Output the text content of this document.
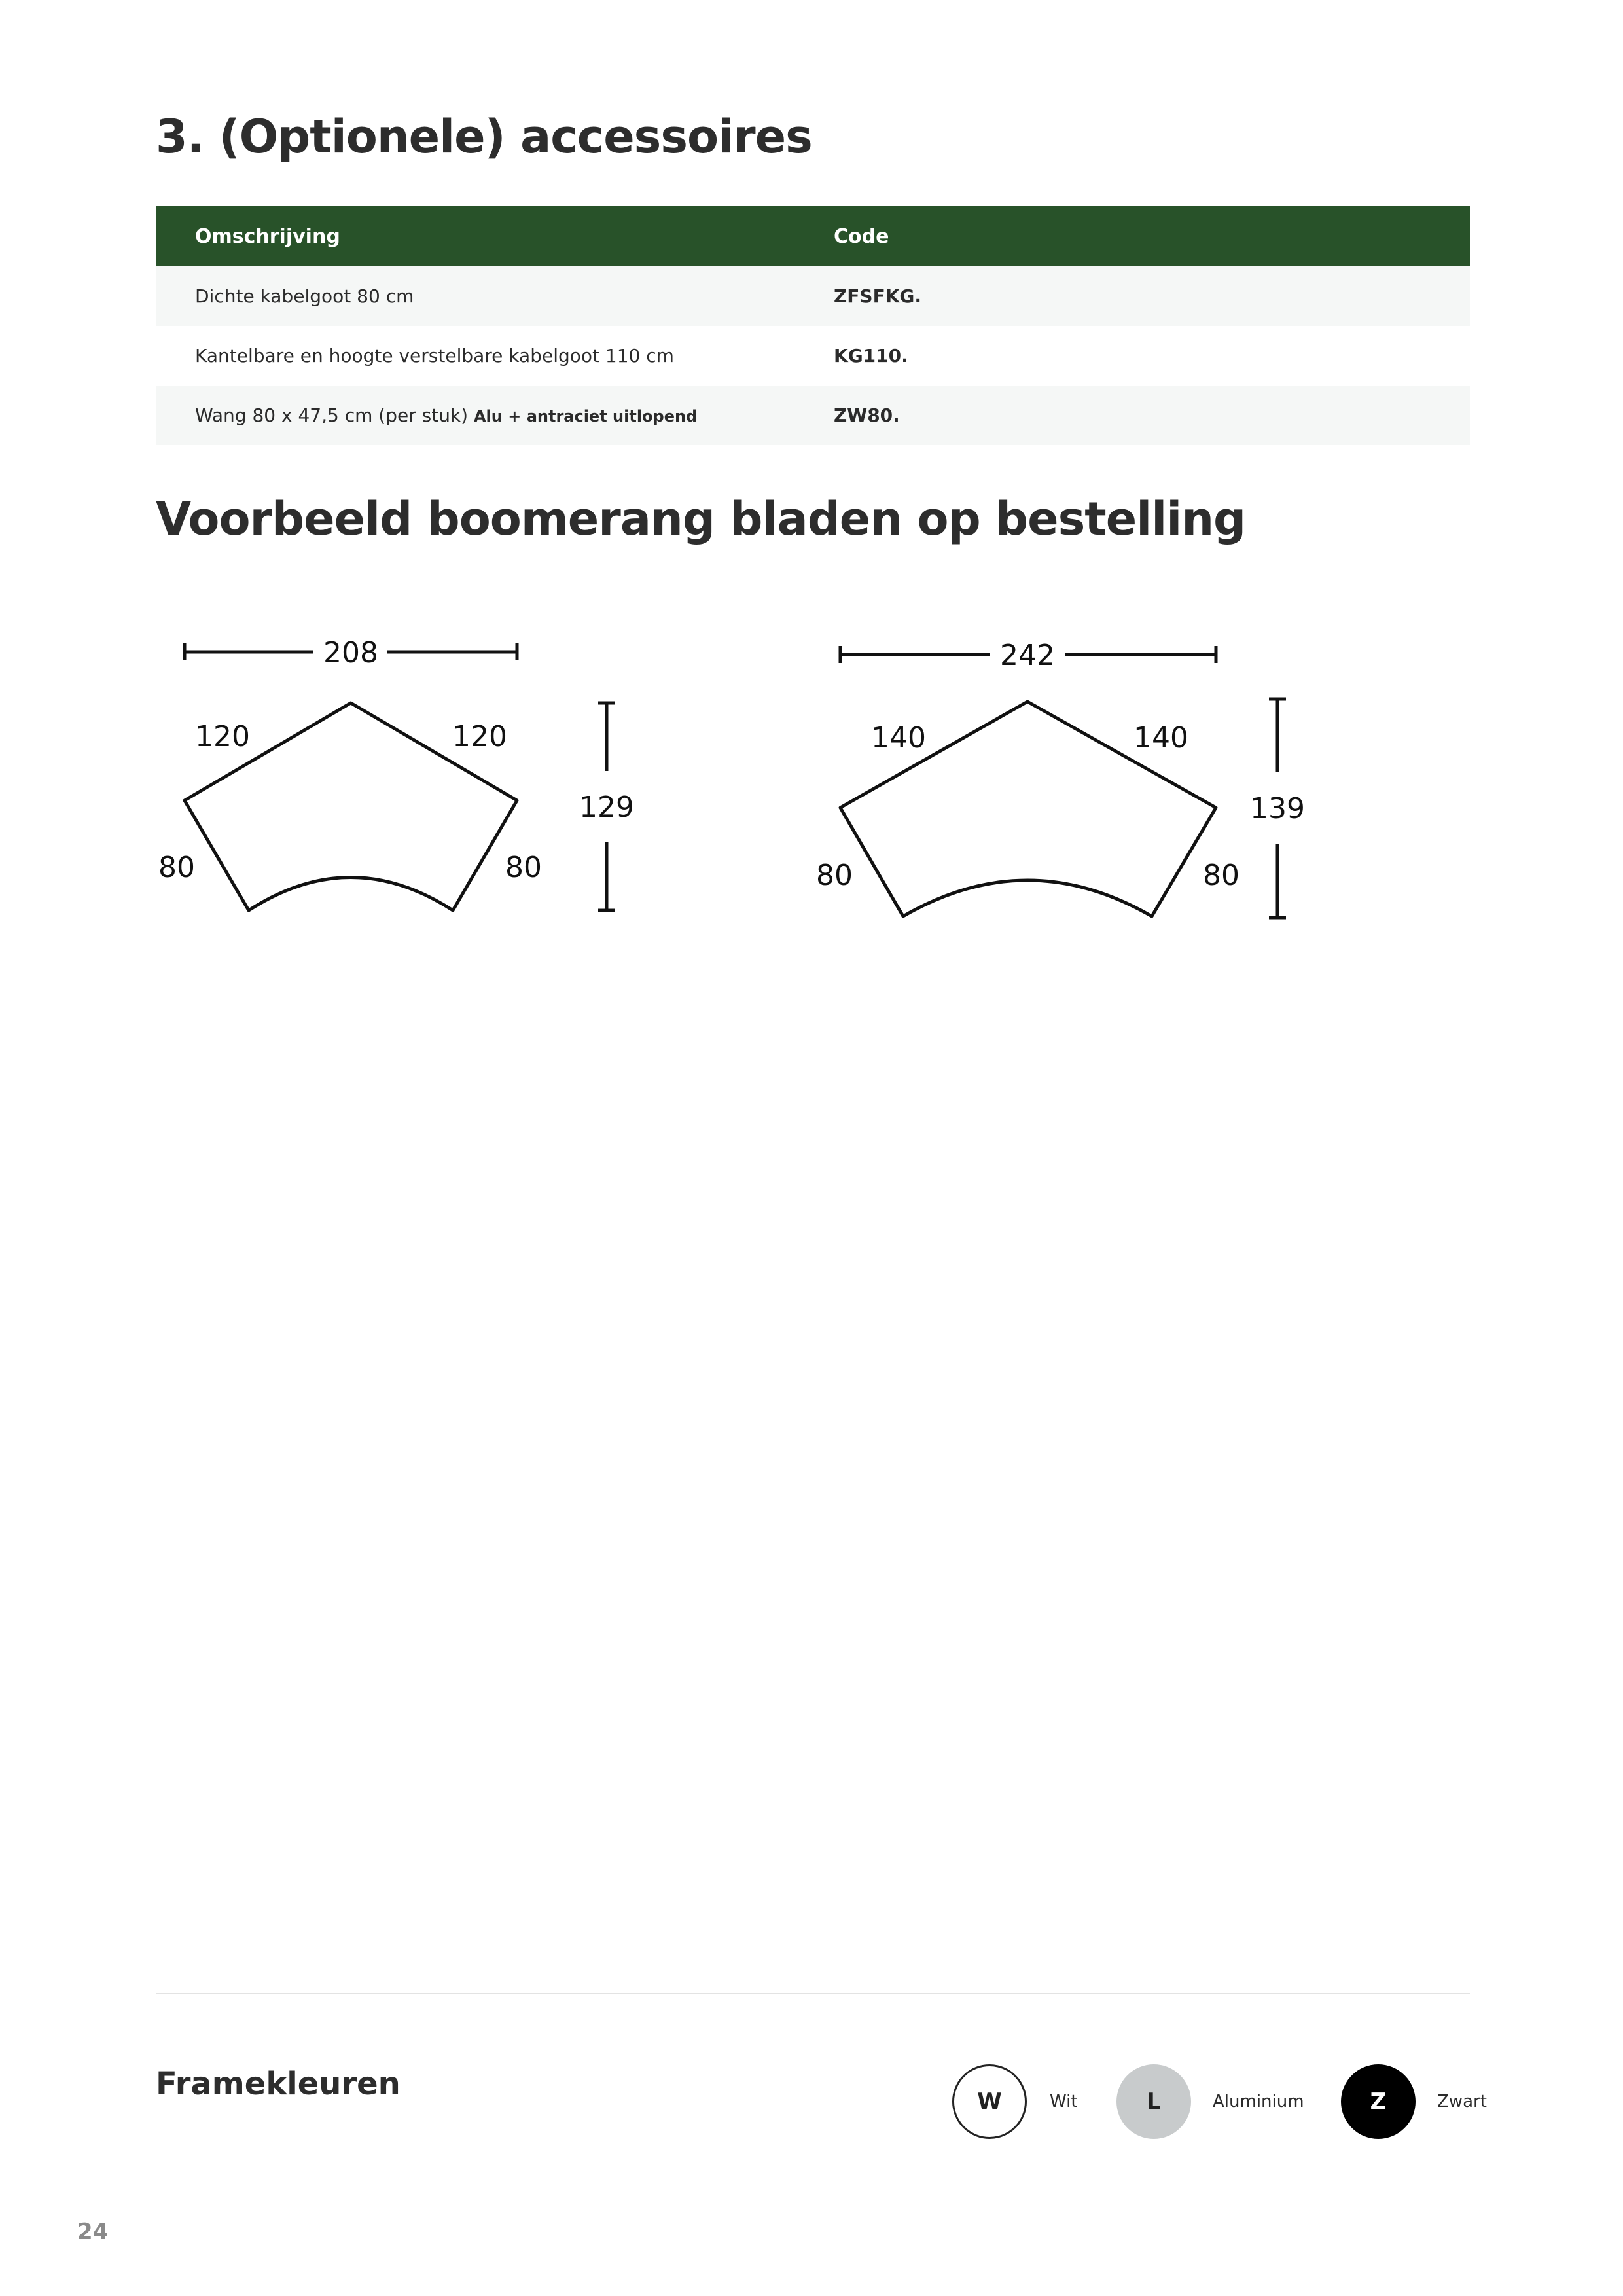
3. (Optionele) accessoires
Omschrijving	Code
Dichte kabelgoot 80 cm	ZFSFKG.
Kantelbare en hoogte verstelbare kabelgoot 110 cm	KG110.
Wang 80 x 47,5 cm (per stuk) Alu + antraciet uitlopend	ZW80.
Voorbeeld boomerang bladen op bestelling
208
120	120
129
80	80
242
140	140
139
80	80
Framekleuren	W	Wit	L	Aluminium	Z	Zwart
24
